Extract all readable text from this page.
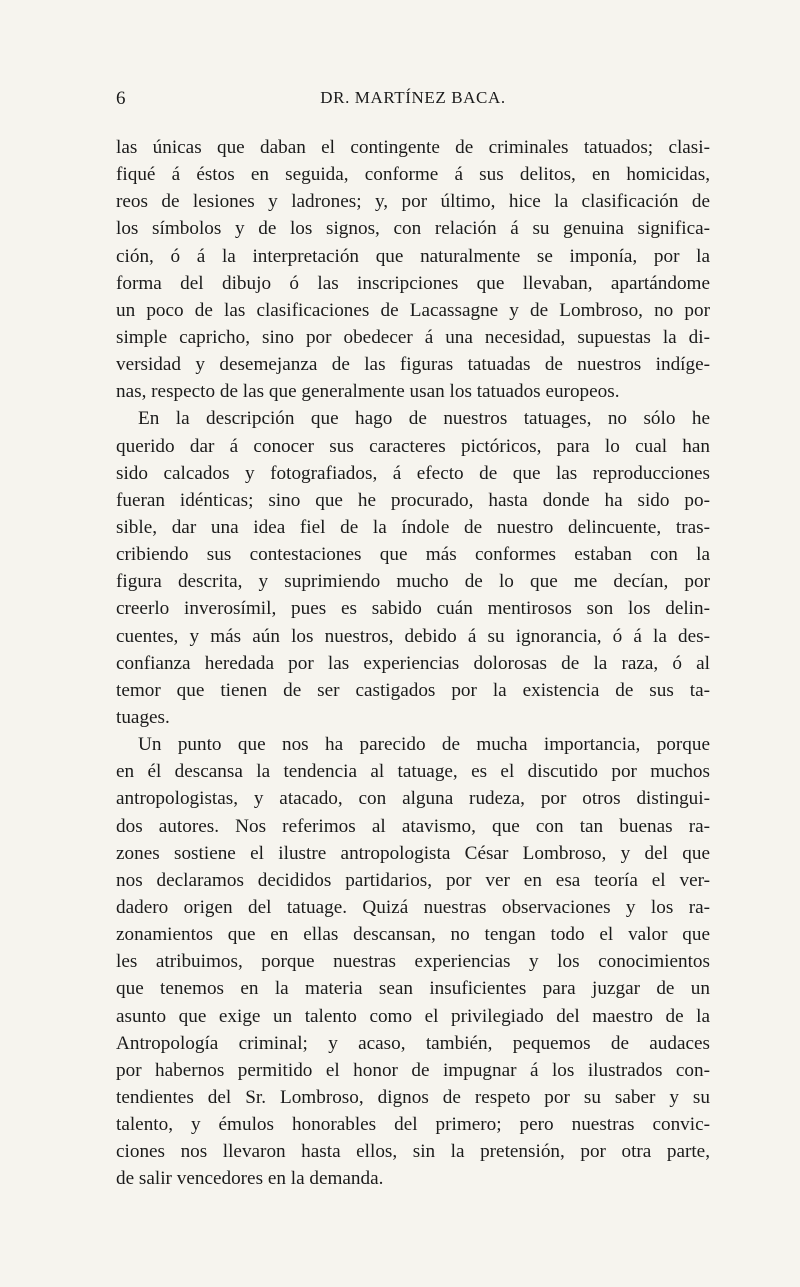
6	DR. MARTÍNEZ BACA.
las únicas que daban el contingente de criminales tatuados; clasi-
fiqué á éstos en seguida, conforme á sus delitos, en homicidas,
reos de lesiones y ladrones; y, por último, hice la clasificación de
los símbolos y de los signos, con relación á su genuina significa-
ción, ó á la interpretación que naturalmente se imponía, por la
forma del dibujo ó las inscripciones que llevaban, apartándome
un poco de las clasificaciones de Lacassagne y de Lombroso, no por
simple capricho, sino por obedecer á una necesidad, supuestas la di-
versidad y desemejanza de las figuras tatuadas de nuestros indíge-
nas, respecto de las que generalmente usan los tatuados europeos.
En la descripción que hago de nuestros tatuages, no sólo he
querido dar á conocer sus caracteres pictóricos, para lo cual han
sido calcados y fotografiados, á efecto de que las reproducciones
fueran idénticas; sino que he procurado, hasta donde ha sido po-
sible, dar una idea fiel de la índole de nuestro delincuente, tras-
cribiendo sus contestaciones que más conformes estaban con la
figura descrita, y suprimiendo mucho de lo que me decían, por
creerlo inverosímil, pues es sabido cuán mentirosos son los delin-
cuentes, y más aún los nuestros, debido á su ignorancia, ó á la des-
confianza heredada por las experiencias dolorosas de la raza, ó al
temor que tienen de ser castigados por la existencia de sus ta-
tuages.
Un punto que nos ha parecido de mucha importancia, porque
en él descansa la tendencia al tatuage, es el discutido por muchos
antropologistas, y atacado, con alguna rudeza, por otros distingui-
dos autores. Nos referimos al atavismo, que con tan buenas ra-
zones sostiene el ilustre antropologista César Lombroso, y del que
nos declaramos decididos partidarios, por ver en esa teoría el ver-
dadero origen del tatuage. Quizá nuestras observaciones y los ra-
zonamientos que en ellas descansan, no tengan todo el valor que
les atribuimos, porque nuestras experiencias y los conocimientos
que tenemos en la materia sean insuficientes para juzgar de un
asunto que exige un talento como el privilegiado del maestro de la
Antropología criminal; y acaso, también, pequemos de audaces
por habernos permitido el honor de impugnar á los ilustrados con-
tendientes del Sr. Lombroso, dignos de respeto por su saber y su
talento, y émulos honorables del primero; pero nuestras convic-
ciones nos llevaron hasta ellos, sin la pretensión, por otra parte,
de salir vencedores en la demanda.
